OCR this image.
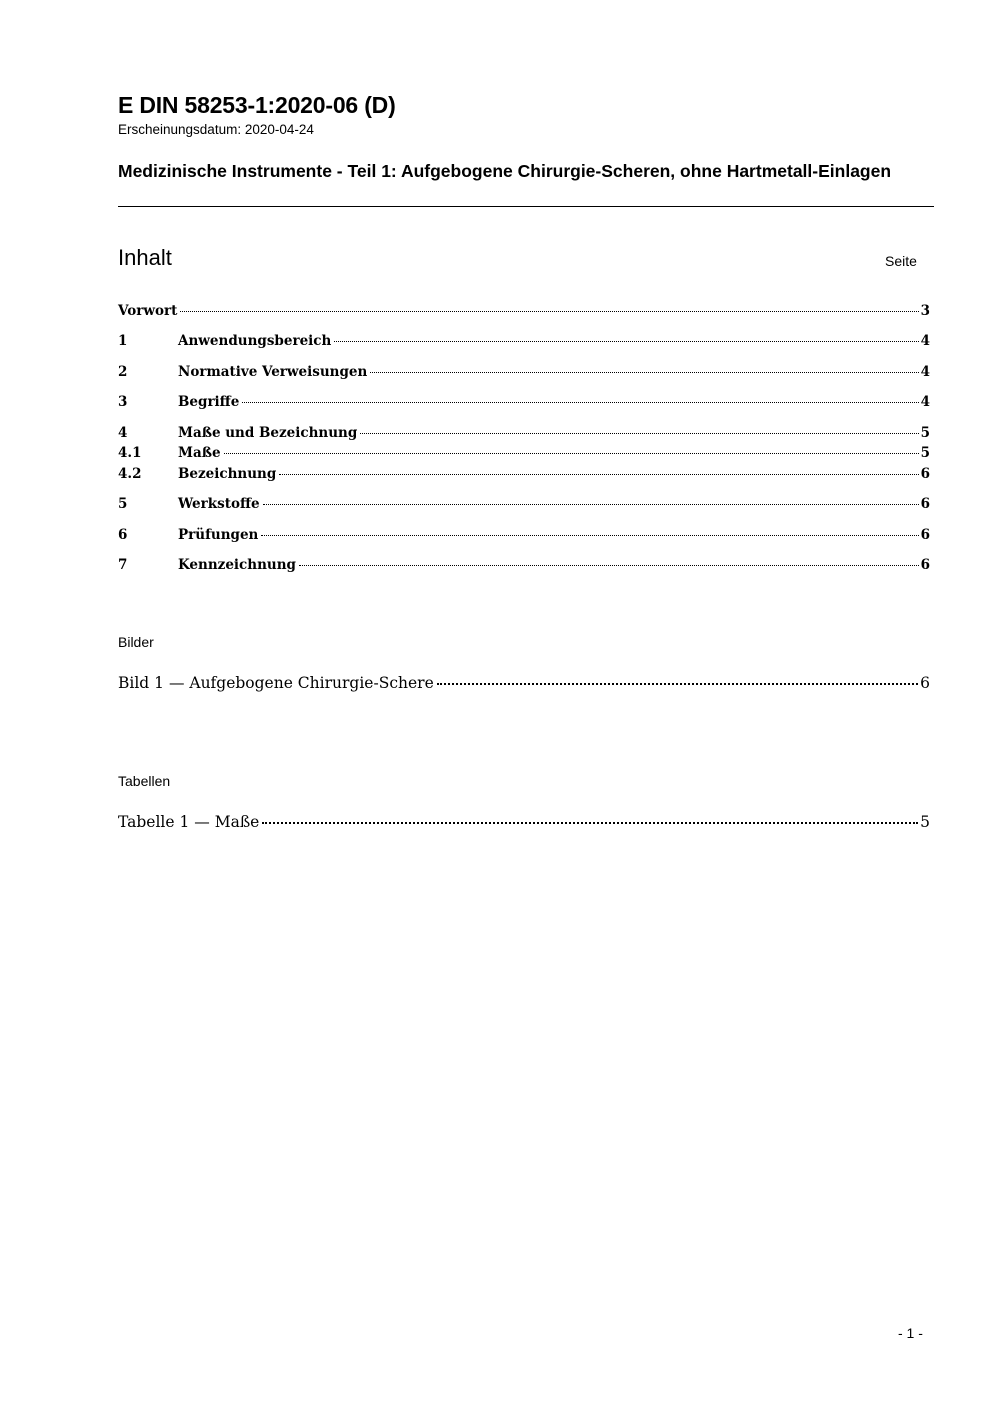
E DIN 58253-1:2020-06 (D)
Erscheinungsdatum: 2020-04-24
Medizinische Instrumente - Teil 1: Aufgebogene Chirurgie-Scheren, ohne Hartmetall-Einlagen
Inhalt	Seite
Vorwort	3
1	Anwendungsbereich	4
2	Normative Verweisungen	4
3	Begriffe	4
4	Maße und Bezeichnung	5
4.1	Maße	5
4.2	Bezeichnung	6
5	Werkstoffe	6
6	Prüfungen	6
7	Kennzeichnung	6
Bilder
Bild 1 — Aufgebogene Chirurgie-Schere	6
Tabellen
Tabelle 1 — Maße	5
- 1 -
